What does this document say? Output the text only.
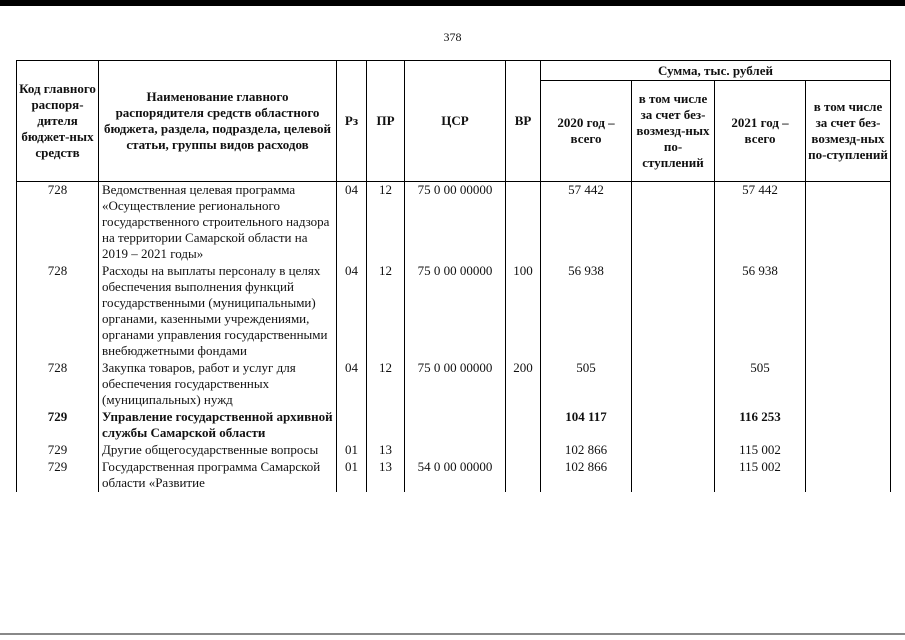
378
Код главного распоря-дителя бюджет-ных средств	Наименование главного распорядителя средств областного бюджета, раздела, подраздела, целевой статьи, группы видов расходов	Рз	ПР	ЦСР	ВР	Сумма, тыс. рублей			
						2020 год – всего	в том числе за счет без-возмезд-ных по-ступлений	2021 год – всего	в том числе за счет без-возмезд-ных по-ступлений
728	Ведомственная целевая программа «Осуществление регионального государственного строительного надзора на территории Самарской области на 2019 – 2021 годы»	04	12	75 0 00 00000		57 442		57 442	
728	Расходы на выплаты персоналу в целях обеспечения выполнения функций государственными (муниципальными) органами, казенными учреждениями, органами управления государственными внебюджетными фондами	04	12	75 0 00 00000	100	56 938		56 938	
728	Закупка товаров, работ и услуг для обеспечения государственных (муниципальных) нужд	04	12	75 0 00 00000	200	505		505	
729	Управление государственной архивной службы Самарской области					104 117		116 253	
729	Другие общегосударственные вопросы	01	13			102 866		115 002	
729	Государственная программа Самарской области «Развитие	01	13	54 0 00 00000		102 866		115 002	
